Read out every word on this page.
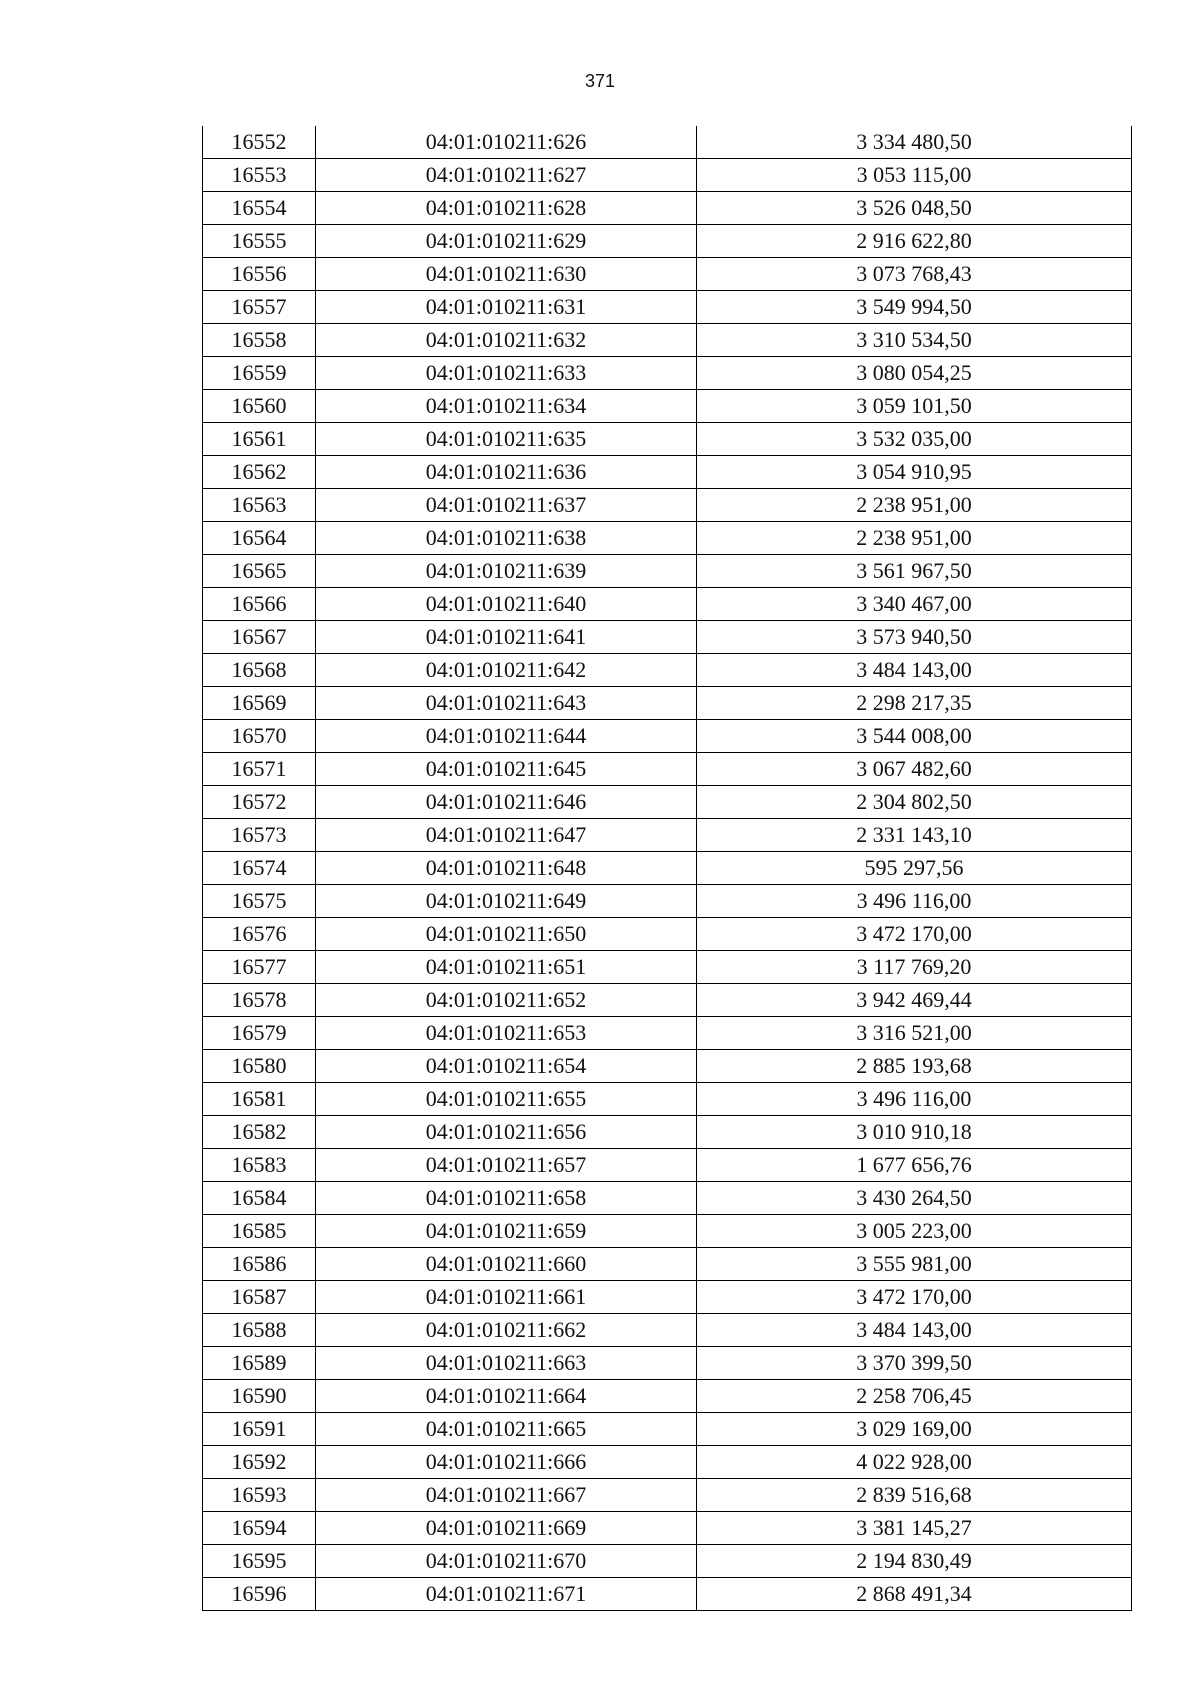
371
16552	04:01:010211:626	3 334 480,50
16553	04:01:010211:627	3 053 115,00
16554	04:01:010211:628	3 526 048,50
16555	04:01:010211:629	2 916 622,80
16556	04:01:010211:630	3 073 768,43
16557	04:01:010211:631	3 549 994,50
16558	04:01:010211:632	3 310 534,50
16559	04:01:010211:633	3 080 054,25
16560	04:01:010211:634	3 059 101,50
16561	04:01:010211:635	3 532 035,00
16562	04:01:010211:636	3 054 910,95
16563	04:01:010211:637	2 238 951,00
16564	04:01:010211:638	2 238 951,00
16565	04:01:010211:639	3 561 967,50
16566	04:01:010211:640	3 340 467,00
16567	04:01:010211:641	3 573 940,50
16568	04:01:010211:642	3 484 143,00
16569	04:01:010211:643	2 298 217,35
16570	04:01:010211:644	3 544 008,00
16571	04:01:010211:645	3 067 482,60
16572	04:01:010211:646	2 304 802,50
16573	04:01:010211:647	2 331 143,10
16574	04:01:010211:648	595 297,56
16575	04:01:010211:649	3 496 116,00
16576	04:01:010211:650	3 472 170,00
16577	04:01:010211:651	3 117 769,20
16578	04:01:010211:652	3 942 469,44
16579	04:01:010211:653	3 316 521,00
16580	04:01:010211:654	2 885 193,68
16581	04:01:010211:655	3 496 116,00
16582	04:01:010211:656	3 010 910,18
16583	04:01:010211:657	1 677 656,76
16584	04:01:010211:658	3 430 264,50
16585	04:01:010211:659	3 005 223,00
16586	04:01:010211:660	3 555 981,00
16587	04:01:010211:661	3 472 170,00
16588	04:01:010211:662	3 484 143,00
16589	04:01:010211:663	3 370 399,50
16590	04:01:010211:664	2 258 706,45
16591	04:01:010211:665	3 029 169,00
16592	04:01:010211:666	4 022 928,00
16593	04:01:010211:667	2 839 516,68
16594	04:01:010211:669	3 381 145,27
16595	04:01:010211:670	2 194 830,49
16596	04:01:010211:671	2 868 491,34
